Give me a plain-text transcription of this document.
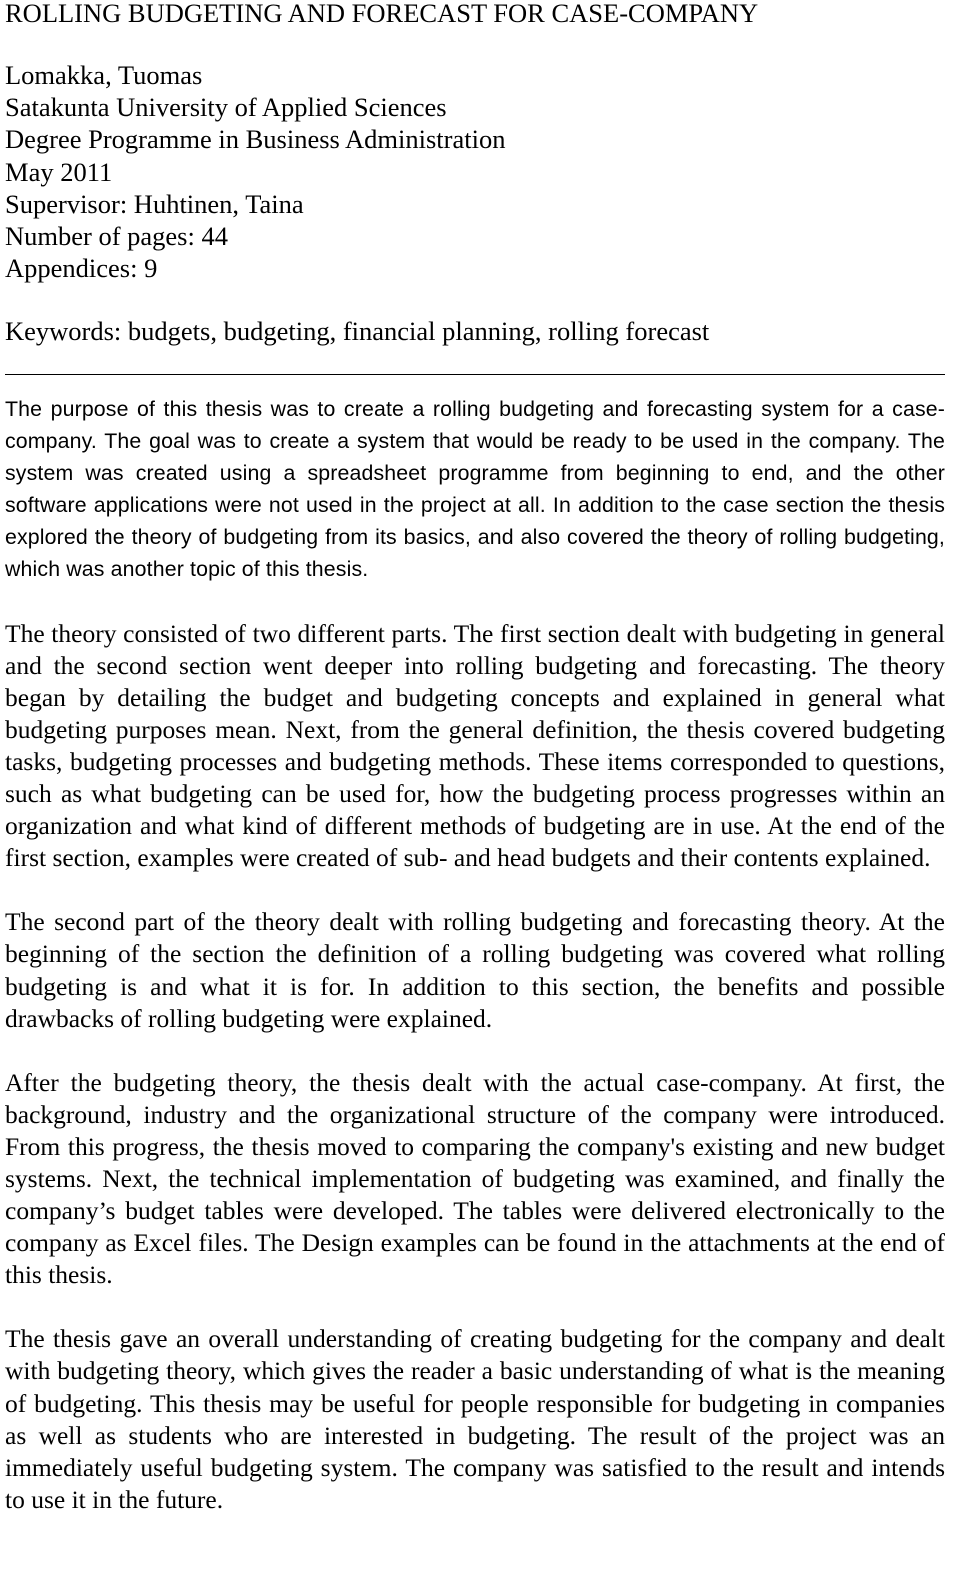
ROLLING BUDGETING AND FORECAST FOR CASE-COMPANY
Lomakka, Tuomas
Satakunta University of Applied Sciences
Degree Programme in Business Administration
May 2011
Supervisor: Huhtinen, Taina
Number of pages: 44
Appendices: 9

Keywords: budgets, budgeting, financial planning, rolling forecast

The purpose of this thesis was to create a rolling budgeting and forecasting system for a case-company. The goal was to create a system that would be ready to be used in the company. The system was created using a spreadsheet programme from beginning to end, and the other software applications were not used in the project at all. In addition to the case section the thesis explored the theory of budgeting from its basics, and also covered the theory of rolling budgeting, which was another topic of this thesis.

The theory consisted of two different parts. The first section dealt with budgeting in general and the second section went deeper into rolling budgeting and forecasting. The theory began by detailing the budget and budgeting concepts and explained in general what budgeting purposes mean. Next, from the general definition, the thesis covered budgeting tasks, budgeting processes and budgeting methods. These items corresponded to questions, such as what budgeting can be used for, how the budgeting process progresses within an organization and what kind of different methods of budgeting are in use. At the end of the first section, examples were created of sub- and head budgets and their contents explained.

The second part of the theory dealt with rolling budgeting and forecasting theory. At the beginning of the section the definition of a rolling budgeting was covered what rolling budgeting is and what it is for. In addition to this section, the benefits and possible drawbacks of rolling budgeting were explained.

After the budgeting theory, the thesis dealt with the actual case-company. At first, the background, industry and the organizational structure of the company were introduced. From this progress, the thesis moved to comparing the company's existing and new budget systems. Next, the technical implementation of budgeting was examined, and finally the company’s budget tables were developed. The tables were delivered electronically to the company as Excel files. The Design examples can be found in the attachments at the end of this thesis.

The thesis gave an overall understanding of creating budgeting for the company and dealt with budgeting theory, which gives the reader a basic understanding of what is the meaning of budgeting. This thesis may be useful for people responsible for budgeting in companies as well as students who are interested in budgeting. The result of the project was an immediately useful budgeting system. The company was satisfied to the result and intends to use it in the future.
